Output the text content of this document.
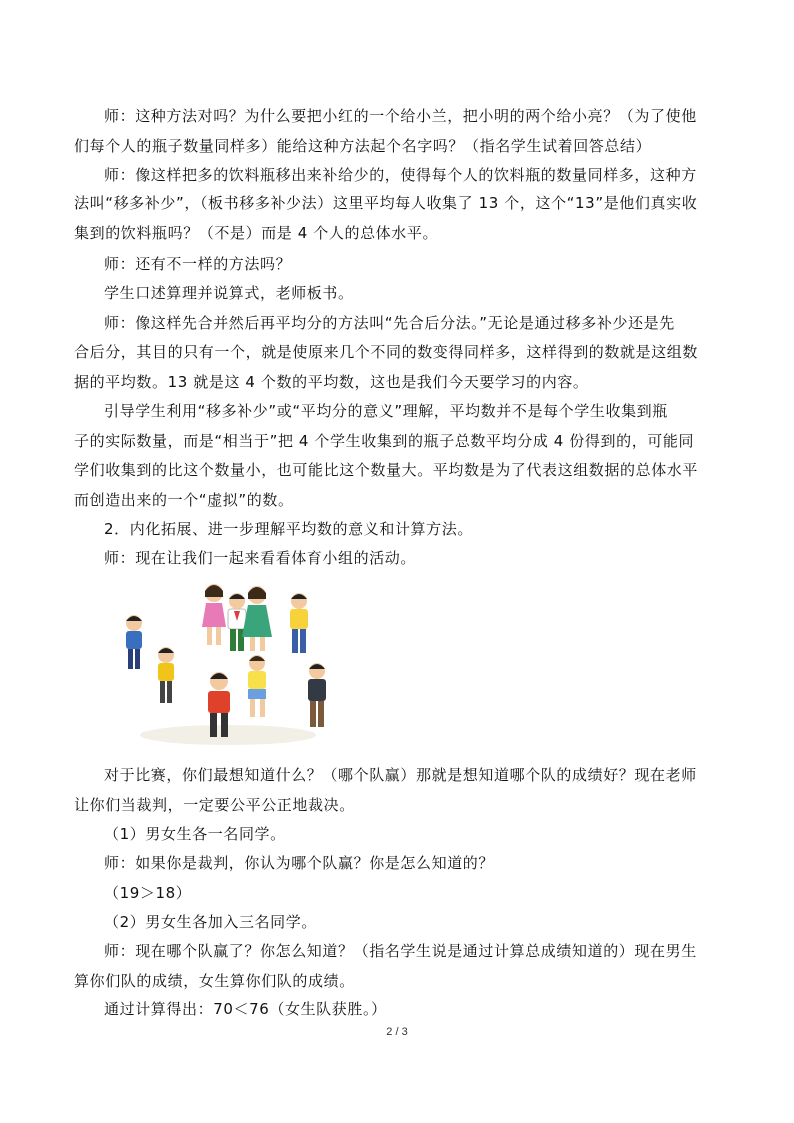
师：这种方法对吗？为什么要把小红的一个给小兰，把小明的两个给小亮？（为了使他

们每个人的瓶子数量同样多）能给这种方法起个名字吗？（指名学生试着回答总结）

师：像这样把多的饮料瓶移出来补给少的，使得每个人的饮料瓶的数量同样多，这种方

法叫“移多补少”，（板书移多补少法）这里平均每人收集了 13 个，这个“13”是他们真实收

集到的饮料瓶吗？（不是）而是 4 个人的总体水平。

师：还有不一样的方法吗？

学生口述算理并说算式，老师板书。

师：像这样先合并然后再平均分的方法叫“先合后分法。”无论是通过移多补少还是先

合后分，其目的只有一个，就是使原来几个不同的数变得同样多，这样得到的数就是这组数

据的平均数。13 就是这 4 个数的平均数，这也是我们今天要学习的内容。

引导学生利用“移多补少”或“平均分的意义”理解，平均数并不是每个学生收集到瓶

子的实际数量，而是“相当于”把 4 个学生收集到的瓶子总数平均分成 4 份得到的，可能同

学们收集到的比这个数量小，也可能比这个数量大。平均数是为了代表这组数据的总体水平

而创造出来的一个“虚拟”的数。

2．内化拓展、进一步理解平均数的意义和计算方法。

师：现在让我们一起来看看体育小组的活动。

对于比赛，你们最想知道什么？（哪个队赢）那就是想知道哪个队的成绩好？现在老师

让你们当裁判，一定要公平公正地裁决。

（1）男女生各一名同学。

师：如果你是裁判，你认为哪个队赢？你是怎么知道的？

（19＞18）

（2）男女生各加入三名同学。

师：现在哪个队赢了？你怎么知道？（指名学生说是通过计算总成绩知道的）现在男生

算你们队的成绩，女生算你们队的成绩。

通过计算得出：70＜76（女生队获胜。）

2 / 3
